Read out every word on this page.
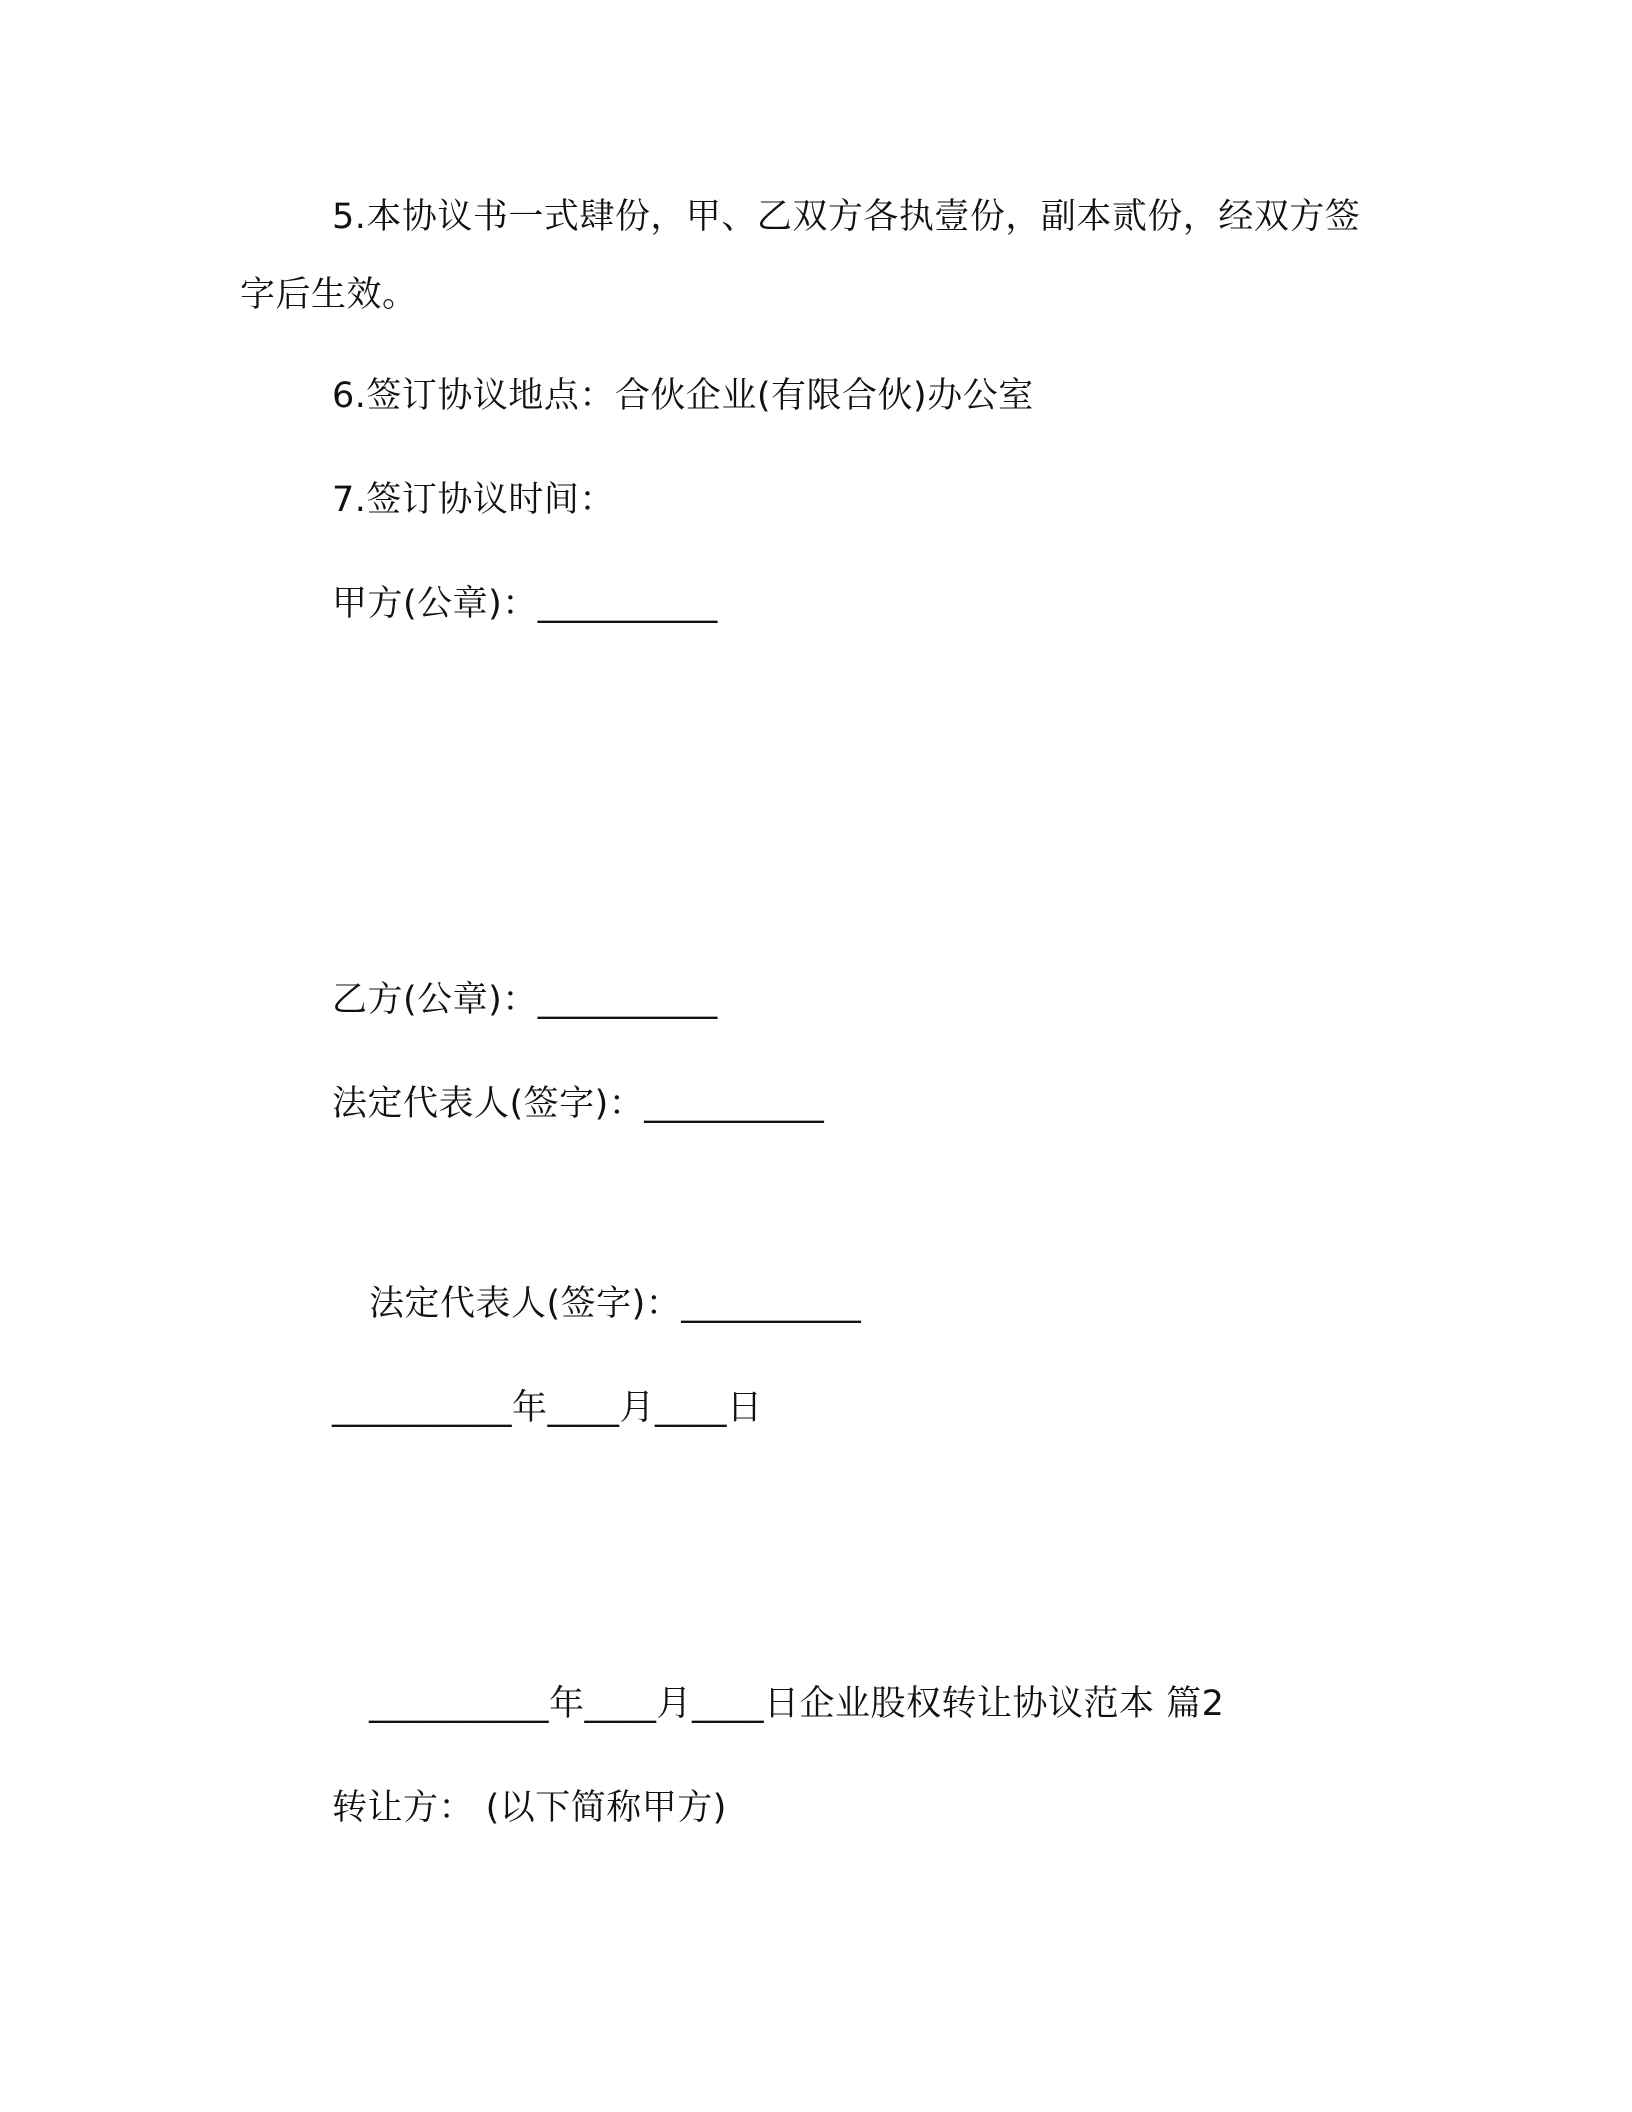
5.本协议书一式肆份，甲、乙双方各执壹份，副本贰份，经双方签字后生效。
6.签订协议地点：合伙企业(有限合伙)办公室
7.签订协议时间：
甲方(公章)：__________
乙方(公章)：__________
法定代表人(签字)：__________
法定代表人(签字)：__________
__________年____月____日
__________年____月____日企业股权转让协议范本 篇2
转让方： (以下简称甲方)
